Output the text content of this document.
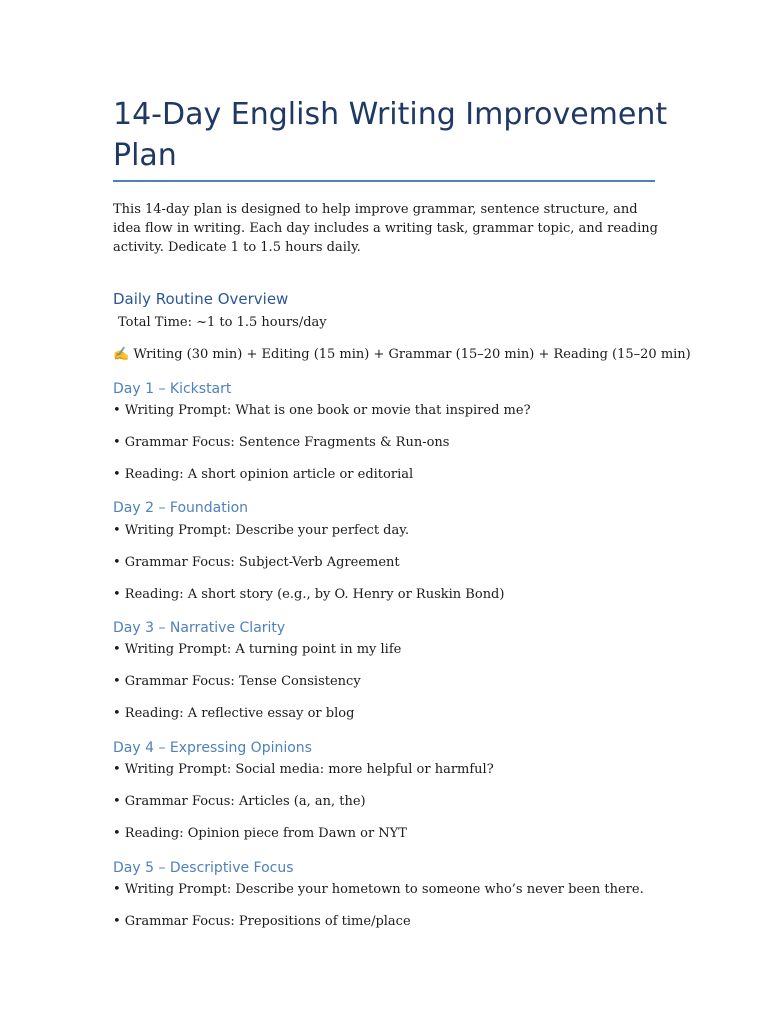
14-Day English Writing Improvement Plan

This 14-day plan is designed to help improve grammar, sentence structure, and idea flow in writing. Each day includes a writing task, grammar topic, and reading activity. Dedicate 1 to 1.5 hours daily.

Daily Routine Overview

Total Time: ~1 to 1.5 hours/day

✍ Writing (30 min) + Editing (15 min) + Grammar (15–20 min) + Reading (15–20 min)

Day 1 – Kickstart

• Writing Prompt: What is one book or movie that inspired me?

• Grammar Focus: Sentence Fragments & Run-ons

• Reading: A short opinion article or editorial

Day 2 – Foundation

• Writing Prompt: Describe your perfect day.

• Grammar Focus: Subject-Verb Agreement

• Reading: A short story (e.g., by O. Henry or Ruskin Bond)

Day 3 – Narrative Clarity

• Writing Prompt: A turning point in my life

• Grammar Focus: Tense Consistency

• Reading: A reflective essay or blog

Day 4 – Expressing Opinions

• Writing Prompt: Social media: more helpful or harmful?

• Grammar Focus: Articles (a, an, the)

• Reading: Opinion piece from Dawn or NYT

Day 5 – Descriptive Focus

• Writing Prompt: Describe your hometown to someone who’s never been there.

• Grammar Focus: Prepositions of time/place
